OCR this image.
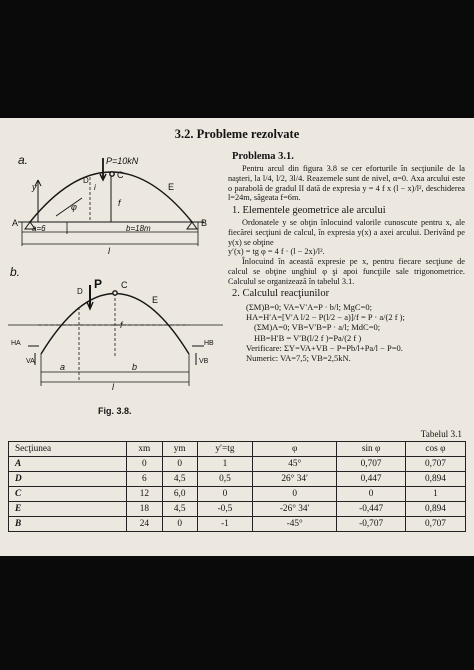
3.2. Probleme rezolvate
a.	P=10kN
C
D
E
A	B
y
φ
i
f
a=6	b=18m
l
b.
P C
D
E
HA
VA
HB
VB
f
a	b
l
Fig. 3.8.
Problema 3.1.

Pentru arcul din figura 3.8 se cer eforturile în secţiunile de la naşteri, la l/4, l/2, 3l/4. Reazemele sunt de nivel, α=0. Axa arcului este o parabolă de gradul II dată de expresia y = 4 f x (l − x)/l², deschiderea l=24m, săgeata f=6m.

1. Elementele geometrice ale arcului

Ordonatele y se obţin înlocuind valorile cunoscute pentru x, ale fiecărei secţiuni de calcul, în expresia y(x) a axei arcului. Derivând pe y(x) se obţine

y′(x) = tg φ = 4 f · (l − 2x)/l².

Înlocuind în această expresie pe x, pentru fiecare secţiune de calcul se obţine unghiul φ şi apoi funcţiile sale trigonometrice. Calculul se organizează în tabelul 3.1.

2. Calculul reacţiunilor

(ΣM)B=0; VA=V′A=P · b/l; MgC=0;

HA=H′A=[V′A l/2 − P(l/2 − a)]/f = P · a/(2 f );

(ΣM)A=0; VB=V′B=P · a/l; MdC=0;

HB=H′B = V′B(l/2 f )=Pa/(2 f )

Verificare: ΣY=VA+VB − P=Pb/l+Pa/l − P=0.

Numeric: VA=7,5; VB=2,5kN.

Tabelul 3.1
Secţiunea	xm	ym	y′=tg	φ	sin φ	cos φ
A	0	0	1	45°	0,707	0,707
D	6	4,5	0,5	26° 34′	0,447	0,894
C	12	6,0	0	0	0	1
E	18	4,5	-0,5	-26° 34′	-0,447	0,894
B	24	0	-1	-45°	-0,707	0,707
